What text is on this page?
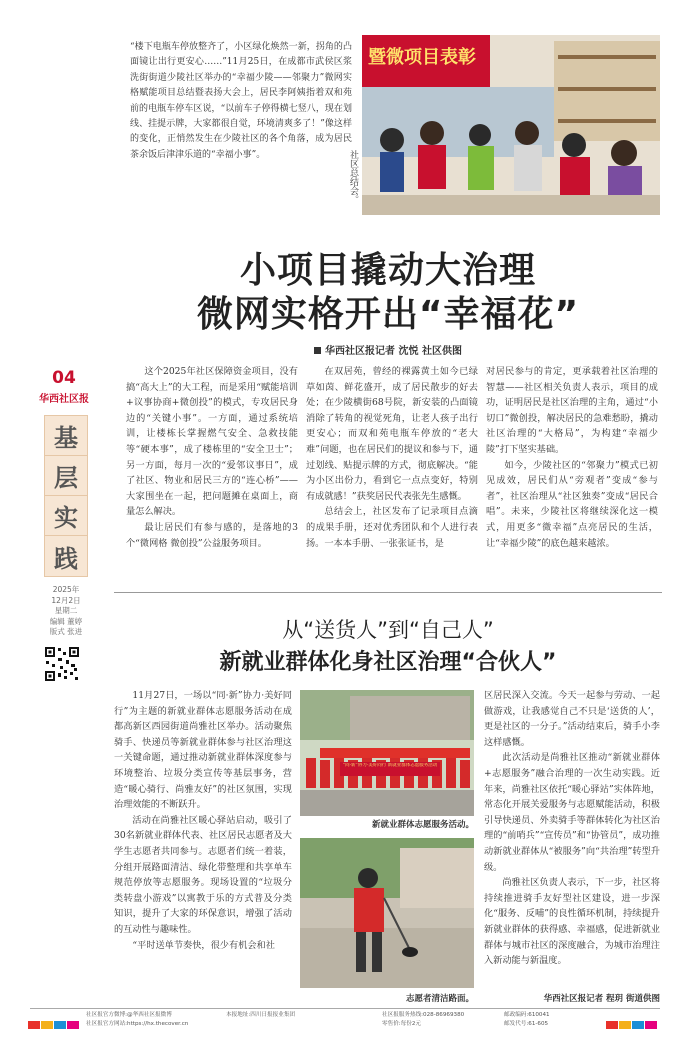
“楼下电瓶车停放整齐了，小区绿化焕然一新，拐角的凸面镜让出行更安心……”11月25日，在成都市武侯区浆洗街街道少陵社区举办的“幸福少陵——邻聚力”微网实格赋能项目总结暨表扬大会上，居民李阿姨指着双和苑前的电瓶车停车区说，“以前车子停得横七竖八，现在划线、挂提示牌，大家都很自觉，环境清爽多了！”像这样的变化，正悄然发生在少陵社区的各个角落，成为居民茶余饭后津津乐道的“幸福小事”。
暨微项目表彰
社区总结会。
04
华西社区报
基
层
实
践
2025年
12月2日
星期二
编辑 董婷
版式 张进
小项目撬动大治理
微网实格开出“幸福花”
华西社区报记者 沈悦 社区供图

这个2025年社区保障资金项目，没有搞“高大上”的大工程，而是采用“赋能培训+议事协商+微创投”的模式，专攻居民身边的“关键小事”。一方面，通过系统培训，让楼栋长掌握燃气安全、急救技能等“硬本事”，成了楼栋里的“安全卫士”；另一方面，每月一次的“爱邻议事日”，成了社区、物业和居民三方的“连心桥”——大家围坐在一起，把问题摊在桌面上，商量怎么解决。

最让居民们有参与感的，是落地的3个“微网格 微创投”公益服务项目。

在双居苑，曾经的裸露黄土如今已绿草如茵、鲜花盛开，成了居民散步的好去处；在少陵横街68号院，新安装的凸面镜消除了转角的视觉死角，让老人孩子出行更安心；而双和苑电瓶车停放的“老大难”问题，也在居民们的提议和参与下，通过划线、贴提示牌的方式，彻底解决。“能为小区出份力，看到它一点点变好，特别有成就感！”获奖居民代表张先生感慨。

总结会上，社区发布了记录项目点滴的成果手册，还对优秀团队和个人进行表扬。一本本手册、一张张证书，是

对居民参与的肯定，更承载着社区治理的智慧——社区相关负责人表示，项目的成功，证明居民是社区治理的主角，通过“小切口”微创投，解决居民的急难愁盼，撬动社区治理的“大格局”，为构建“幸福少陵”打下坚实基础。

如今，少陵社区的“邻聚力”模式已初见成效，居民们从“旁观者”变成“参与者”，社区治理从“社区独奏”变成“居民合唱”。未来，少陵社区将继续深化这一模式，用更多“微幸福”点亮居民的生活，让“幸福少陵”的底色越来越浓。

从“送货人”到“自己人”
新就业群体化身社区治理“合伙人”

11月27日，一场以“同·新”协力·美好同行”为主题的新就业群体志愿服务活动在成都高新区西园街道尚雅社区举办。活动聚焦骑手、快递员等新就业群体参与社区治理这一关键命题，通过推动新就业群体深度参与环境整治、垃圾分类宣传等基层事务，营造“暖心骑行、尚雅友好”的社区氛围，实现治理效能的不断跃升。

活动在尚雅社区暖心驿站启动，吸引了30名新就业群体代表、社区居民志愿者及大学生志愿者共同参与。志愿者们统一着装，分组开展路面清洁、绿化带整理和共享单车规范停放等志愿服务。现场设置的“垃圾分类转盘小游戏”以寓教于乐的方式普及分类知识，提升了大家的环保意识，增强了活动的互动性与趣味性。

“平时送单节奏快，很少有机会和社

“同·新”协力·美好同行 新就业群体志愿服务活动
新就业群体志愿服务活动。
志愿者清洁路面。

区居民深入交流。今天一起参与劳动、一起做游戏，让我感觉自己不只是‘送货的人’，更是社区的一分子。”活动结束后，骑手小李这样感慨。

此次活动是尚雅社区推动“新就业群体+志愿服务”融合治理的一次生动实践。近年来，尚雅社区依托“暖心驿站”实体阵地，常态化开展关爱服务与志愿赋能活动，积极引导快递员、外卖骑手等群体转化为社区治理的“前哨兵”“宣传员”和“协管员”，成功推动新就业群体从“被服务”向“共治理”转型升级。

尚雅社区负责人表示，下一步，社区将持续推进骑手友好型社区建设，进一步深化“服务、反哺”的良性循环机制，持续提升新就业群体的获得感、幸福感，促进新就业群体与城市社区的深度融合，为城市治理注入新动能与新温度。

华西社区报记者 程玥 街道供图
社区报官方微博:@华西社区报微博
社区报官方网站:https://hx.thecover.cn
本报地址:四川日报报业集团	社区报服务热线:028-86969380
零售价:每份2元
邮政编码:610041
邮发代号:61-605
